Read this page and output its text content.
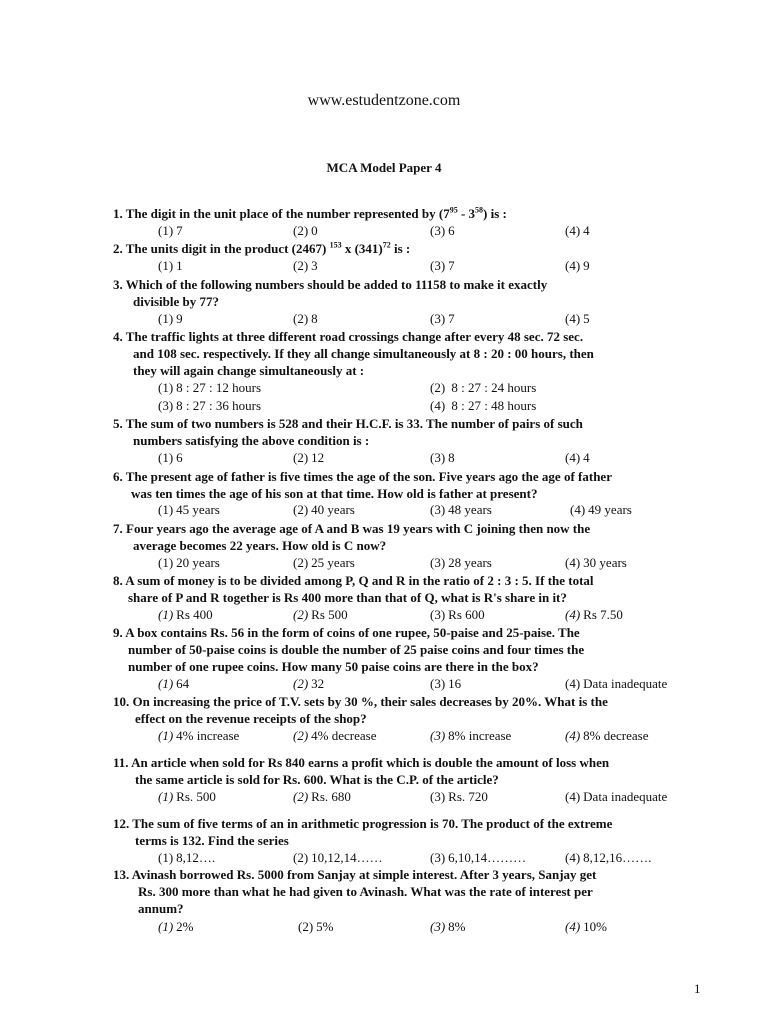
www.estudentzone.com
MCA Model Paper 4
1. The digit in the unit place of the number represented by $(7^{95} - 3^{58})$ is :
(1) 7	(2) 0	(3) 6	(4) 4
2. The units digit in the product (2467) $^{153}$ x $(341)^{72}$ is :
(1) 1	(2) 3	(3) 7	(4) 9
3. Which of the following numbers should be added to 11158 to make it exactly
divisible by 77?
(1) 9	(2) 8	(3) 7	(4) 5
4. The traffic lights at three different road crossings change after every 48 sec. 72 sec.
and 108 sec. respectively. If they all change simultaneously at 8 : 20 : 00 hours, then
they will again change simultaneously at :
(1) 8 : 27 : 12 hours	(2) 8 : 27 : 24 hours
(3) 8 : 27 : 36 hours	(4) 8 : 27 : 48 hours
5. The sum of two numbers is 528 and their H.C.F. is 33. The number of pairs of such
numbers satisfying the above condition is :
(1) 6	(2) 12	(3) 8	(4) 4
6. The present age of father is five times the age of the son. Five years ago the age of father
was ten times the age of his son at that time. How old is father at present?
(1) 45 years	(2) 40 years	(3) 48 years	(4) 49 years
7. Four years ago the average age of A and B was 19 years with C joining then now the
average becomes 22 years. How old is C now?
(1) 20 years	(2) 25 years	(3) 28 years	(4) 30 years
8. A sum of money is to be divided among P, Q and R in the ratio of 2 : 3 : 5. If the total
share of P and R together is Rs 400 more than that of Q, what is R's share in it?
(1) Rs 400	(2) Rs 500	(3) Rs 600	(4) Rs 7.50
9. A box contains Rs. 56 in the form of coins of one rupee, 50-paise and 25-paise. The
number of 50-paise coins is double the number of 25 paise coins and four times the
number of one rupee coins. How many 50 paise coins are there in the box?
(1) 64	(2) 32	(3) 16	(4) Data inadequate
10. On increasing the price of T.V. sets by 30 %, their sales decreases by 20%. What is the
effect on the revenue receipts of the shop?
(1) 4% increase	(2) 4% decrease	(3) 8% increase	(4) 8% decrease
11. An article when sold for Rs 840 earns a profit which is double the amount of loss when
the same article is sold for Rs. 600. What is the C.P. of the article?
(1) Rs. 500	(2) Rs. 680	(3) Rs. 720	(4) Data inadequate
12. The sum of five terms of an in arithmetic progression is 70. The product of the extreme
terms is 132. Find the series
(1) 8,12….	(2) 10,12,14……	(3) 6,10,14………	(4) 8,12,16…….
13. Avinash borrowed Rs. 5000 from Sanjay at simple interest. After 3 years, Sanjay get
Rs. 300 more than what he had given to Avinash. What was the rate of interest per
annum?
(1) 2%	(2) 5%	(3) 8%	(4) 10%
1
